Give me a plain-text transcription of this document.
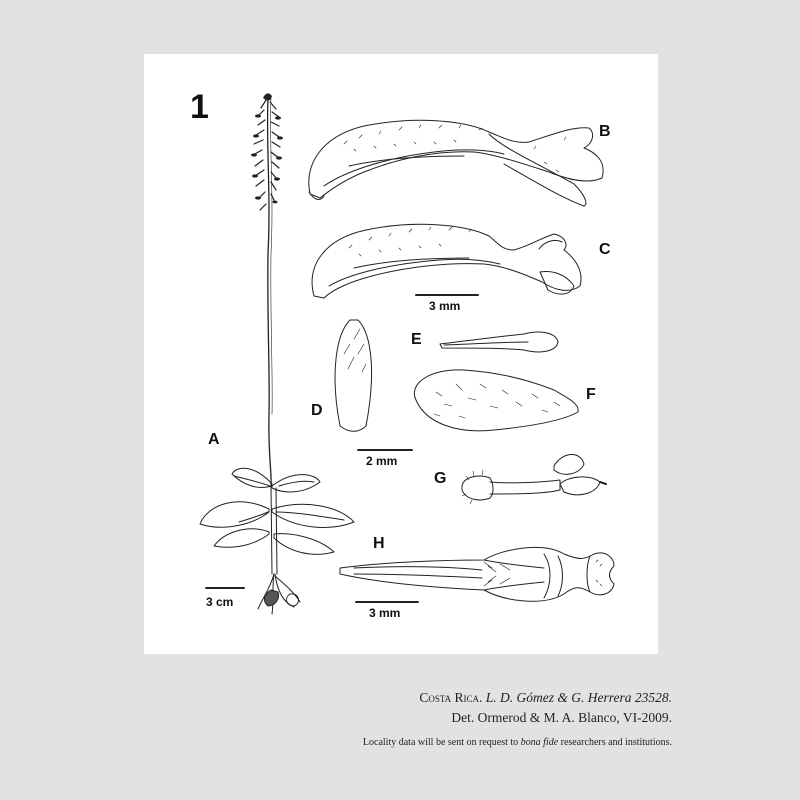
1
A
B
C
D
E
F
G
H
3 cm
3 mm
2 mm
3 mm
Costa Rica. L. D. Gómez & G. Herrera 23528.
Det. Ormerod & M. A. Blanco, VI-2009.
Locality data will be sent on request to bona fide researchers and institutions.
